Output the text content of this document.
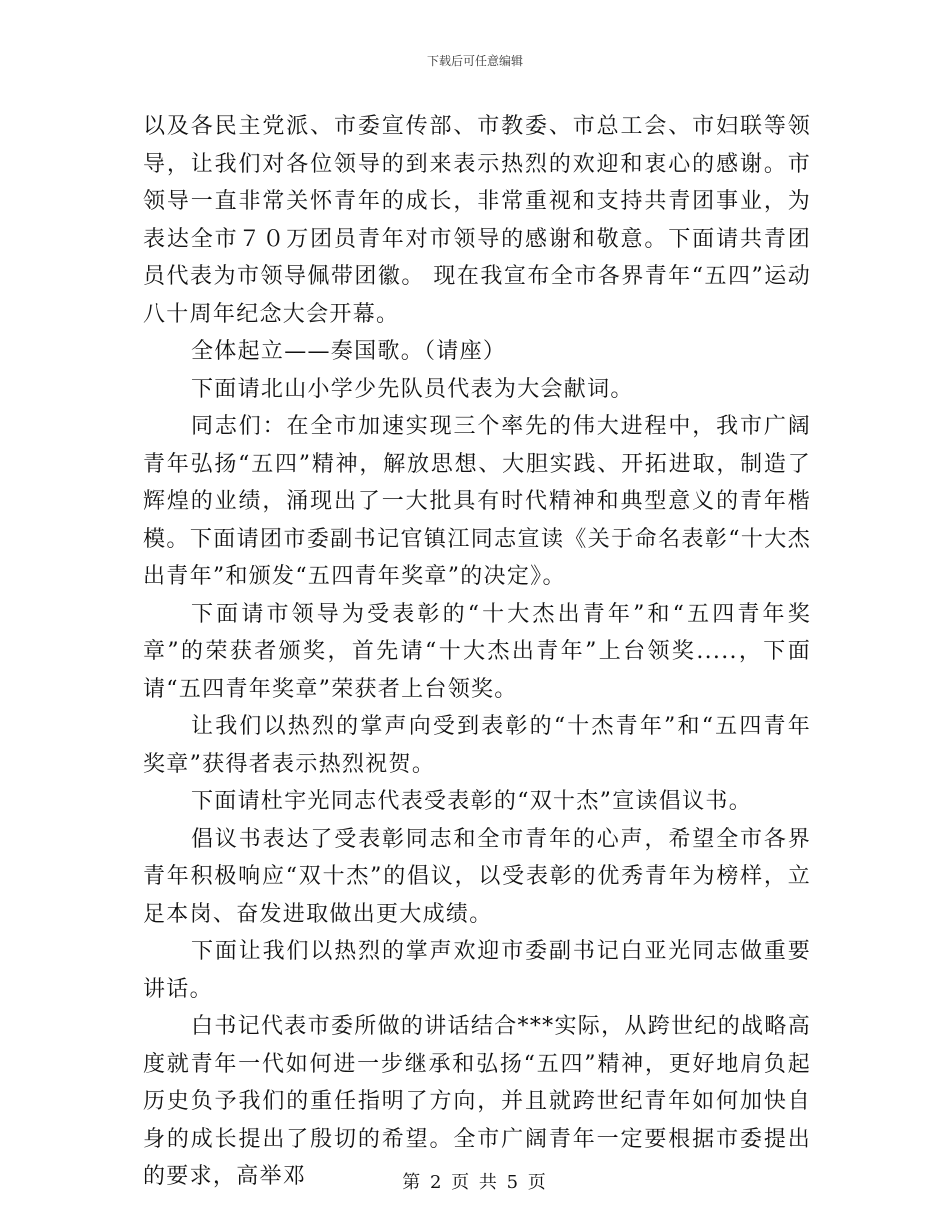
下载后可任意编辑

以及各民主党派、市委宣传部、市教委、市总工会、市妇联等领导，让我们对各位领导的到来表示热烈的欢迎和衷心的感谢。市领导一直非常关怀青年的成长，非常重视和支持共青团事业，为表达全市７０万团员青年对市领导的感谢和敬意。下面请共青团员代表为市领导佩带团徽。 现在我宣布全市各界青年“五四”运动八十周年纪念大会开幕。

全体起立——奏国歌。（请座）

下面请北山小学少先队员代表为大会献词。

同志们：在全市加速实现三个率先的伟大进程中，我市广阔青年弘扬“五四”精神，解放思想、大胆实践、开拓进取，制造了辉煌的业绩，涌现出了一大批具有时代精神和典型意义的青年楷模。下面请团市委副书记官镇江同志宣读《关于命名表彰“十大杰出青年”和颁发“五四青年奖章”的决定》。

下面请市领导为受表彰的“十大杰出青年”和“五四青年奖章”的荣获者颁奖，首先请“十大杰出青年”上台领奖.....，下面请“五四青年奖章”荣获者上台领奖。

让我们以热烈的掌声向受到表彰的“十杰青年”和“五四青年奖章”获得者表示热烈祝贺。

下面请杜宇光同志代表受表彰的“双十杰”宣读倡议书。

倡议书表达了受表彰同志和全市青年的心声，希望全市各界青年积极响应“双十杰”的倡议，以受表彰的优秀青年为榜样，立足本岗、奋发进取做出更大成绩。

下面让我们以热烈的掌声欢迎市委副书记白亚光同志做重要讲话。

白书记代表市委所做的讲话结合***实际，从跨世纪的战略高度就青年一代如何进一步继承和弘扬“五四”精神，更好地肩负起历史负予我们的重任指明了方向，并且就跨世纪青年如何加快自身的成长提出了殷切的希望。全市广阔青年一定要根据市委提出的要求，高举邓	第 2 页 共 5 页
